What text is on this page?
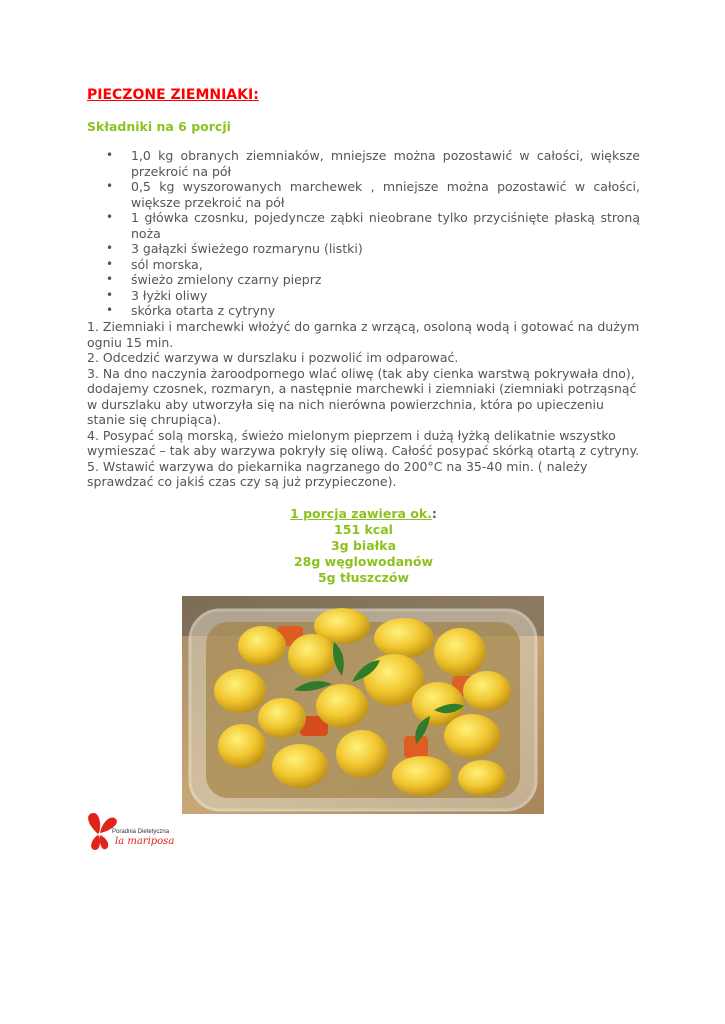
PIECZONE ZIEMNIAKI:
Składniki na 6 porcji
• 1,0 kg obranych ziemniaków, mniejsze można pozostawić w całości, większe przekroić na pół
• 0,5 kg wyszorowanych marchewek , mniejsze można pozostawić w całości, większe przekroić na pół
• 1 główka czosnku, pojedyncze ząbki nieobrane tylko przyciśnięte płaską stroną noża
• 3 gałązki świeżego rozmarynu (listki)
• sól morska,
• świeżo zmielony czarny pieprz
• 3 łyżki oliwy
• skórka otarta z cytryny

1. Ziemniaki i marchewki włożyć do garnka z wrzącą, osoloną wodą i gotować na dużym ogniu 15 min.

2. Odcedzić warzywa w durszlaku i pozwolić im odparować.

3. Na dno naczynia żaroodpornego wlać oliwę (tak aby cienka warstwą pokrywała dno), dodajemy czosnek, rozmaryn, a następnie marchewki i ziemniaki (ziemniaki potrząsnąć w durszlaku aby utworzyła się na nich nierówna powierzchnia, która po upieczeniu stanie się chrupiąca).

4. Posypać solą morską, świeżo mielonym pieprzem i dużą łyżką delikatnie wszystko wymieszać – tak aby warzywa pokryły się oliwą. Całość posypać skórką otartą z cytryny.

5. Wstawić warzywa do piekarnika nagrzanego do 200°C na 35-40 min. ( należy sprawdzać co jakiś czas czy są już przypieczone).

1 porcja zawiera ok.:
151 kcal
3g białka
28g węglowodanów
5g tłuszczów
Poradnia Dietetyczna
la mariposa
